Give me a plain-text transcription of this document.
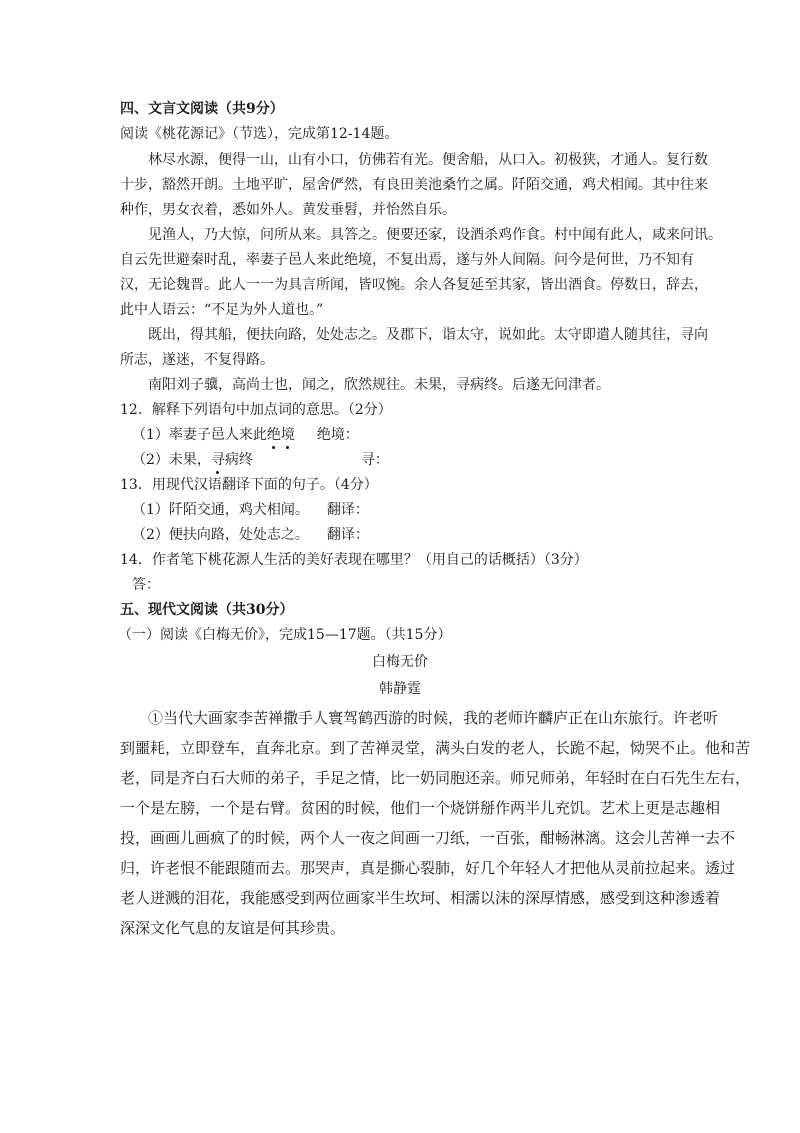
四、文言文阅读（共9分）
阅读《桃花源记》（节选），完成第12-14题。
林尽水源，便得一山，山有小口，仿佛若有光。便舍船，从口入。初极狭，才通人。复行数
十步，豁然开朗。土地平旷，屋舍俨然，有良田美池桑竹之属。阡陌交通，鸡犬相闻。其中往来
种作，男女衣着，悉如外人。黄发垂髫，并怡然自乐。
见渔人，乃大惊，问所从来。具答之。便要还家，设酒杀鸡作食。村中闻有此人，咸来问讯。
自云先世避秦时乱，率妻子邑人来此绝境，不复出焉，遂与外人间隔。问今是何世，乃不知有
汉，无论魏晋。此人一一为具言所闻，皆叹惋。余人各复延至其家，皆出酒食。停数日，辞去，
此中人语云：“不足为外人道也。”
既出，得其船，便扶向路，处处志之。及郡下，诣太守，说如此。太守即遣人随其往，寻向
所志，遂迷，不复得路。
南阳刘子骥，高尚士也，闻之，欣然规往。未果，寻病终。后遂无问津者。
12．解释下列语句中加点词的意思。（2分）
（1）率妻子邑人来此绝境 绝境：
（2）未果，寻病终	寻：
13．用现代汉语翻译下面的句子。（4分）
（1）阡陌交通，鸡犬相闻。 翻译：
（2）便扶向路，处处志之。 翻译：
14．作者笔下桃花源人生活的美好表现在哪里？（用自己的话概括）（3分）
答：
五、现代文阅读（共30分）
（一）阅读《白梅无价》，完成15—17题。（共15分）
白梅无价
韩静霆
①当代大画家李苦禅撒手人寰驾鹤西游的时候，我的老师许麟庐正在山东旅行。许老听
到噩耗，立即登车，直奔北京。到了苦禅灵堂，满头白发的老人，长跪不起，恸哭不止。他和苦
老，同是齐白石大师的弟子，手足之情，比一奶同胞还亲。师兄师弟，年轻时在白石先生左右，
一个是左膀，一个是右臂。贫困的时候，他们一个烧饼掰作两半儿充饥。艺术上更是志趣相
投，画画儿画疯了的时候，两个人一夜之间画一刀纸，一百张，酣畅淋漓。这会儿苦禅一去不
归，许老恨不能跟随而去。那哭声，真是撕心裂肺，好几个年轻人才把他从灵前拉起来。透过
老人迸溅的泪花，我能感受到两位画家半生坎坷、相濡以沫的深厚情感，感受到这种渗透着
深深文化气息的友谊是何其珍贵。
